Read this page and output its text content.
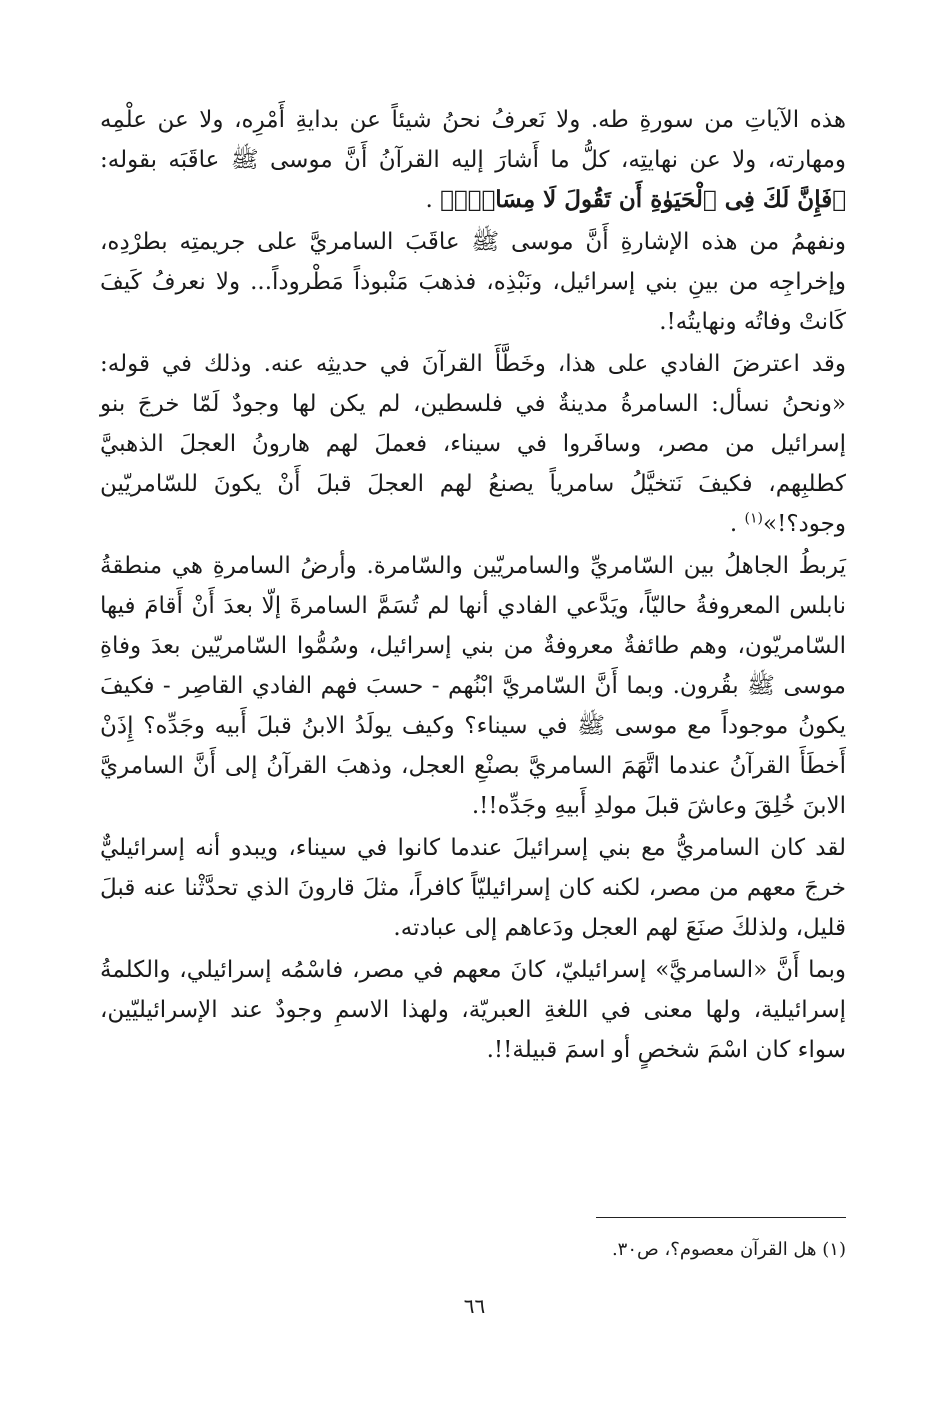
هذه الآياتِ من سورةِ طه. ولا نَعرفُ نحنُ شيئاً عن بدايةِ أَمْرِه، ولا عن علْمِه ومهارته، ولا عن نهايتِه، كلُّ ما أَشارَ إليه القرآنُ أَنَّ موسى ﷺ عاقَبَه بقوله: ﴿فَإِنَّ لَكَ فِى ٱلْحَيَوٰةِ أَن تَقُولَ لَا مِسَاسَۖ﴾ .

ونفهمُ من هذه الإشارةِ أَنَّ موسى ﷺ عاقَبَ السامريَّ على جريمتِه بطرْدِه، وإخراجِه من بينِ بني إسرائيل، ونَبْذِه، فذهبَ مَنْبوذاً مَطْروداً... ولا نعرفُ كَيفَ كَانتْ وفاتُه ونهايتُه!.

وقد اعترضَ الفادي على هذا، وخَطَّأَ القرآنَ في حديثِه عنه. وذلك في قوله: «ونحنُ نسأل: السامرةُ مدينةٌ في فلسطين، لم يكن لها وجودٌ لَمّا خرجَ بنو إسرائيل من مصر، وسافَروا في سيناء، فعملَ لهم هارونُ العجلَ الذهبيَّ كطلبِهم، فكيفَ نَتخيَّلُ سامرياً يصنعُ لهم العجلَ قبلَ أَنْ يكونَ للسّامريّين وجود؟!»$^{(١)}$ .

يَربطُ الجاهلُ بين السّامريِّ والسامريّين والسّامرة. وأرضُ السامرةِ هي منطقةُ نابلس المعروفةُ حاليّاً، ويَدَّعي الفادي أنها لم تُسَمَّ السامرةَ إلّا بعدَ أَنْ أَقامَ فيها السّامريّون، وهم طائفةٌ معروفةٌ من بني إسرائيل، وسُمُّوا السّامريّين بعدَ وفاةِ موسى ﷺ بقُرون. وبما أَنَّ السّامريَّ ابْنُهم - حسبَ فهم الفادي القاصِر - فكيفَ يكونُ موجوداً مع موسى ﷺ في سيناء؟ وكيف يولَدُ الابنُ قبلَ أَبيه وجَدِّه؟ إِذَنْ أَخطَأَ القرآنُ عندما اتَّهَمَ السامريَّ بصنْعِ العجل، وذهبَ القرآنُ إلى أَنَّ السامريَّ الابنَ خُلِقَ وعاشَ قبلَ مولدِ أَبيهِ وجَدِّه!!.

لقد كان السامريُّ مع بني إسرائيلَ عندما كانوا في سيناء، ويبدو أنه إسرائيليٌّ خرجَ معهم من مصر، لكنه كان إسرائيليّاً كافراً، مثلَ قارونَ الذي تحدَّثْنا عنه قبلَ قليل، ولذلكَ صنَعَ لهم العجل ودَعاهم إلى عبادته.

وبما أَنَّ «السامريَّ» إسرائيليّ، كانَ معهم في مصر، فاسْمُه إسرائيلي، والكلمةُ إسرائيلية، ولها معنى في اللغةِ العبريّة، ولهذا الاسمِ وجودٌ عند الإسرائيليّين، سواء كان اسْمَ شخصٍ أو اسمَ قبيلة!!.

(١) هل القرآن معصوم؟، ص٣٠.
٦٦
